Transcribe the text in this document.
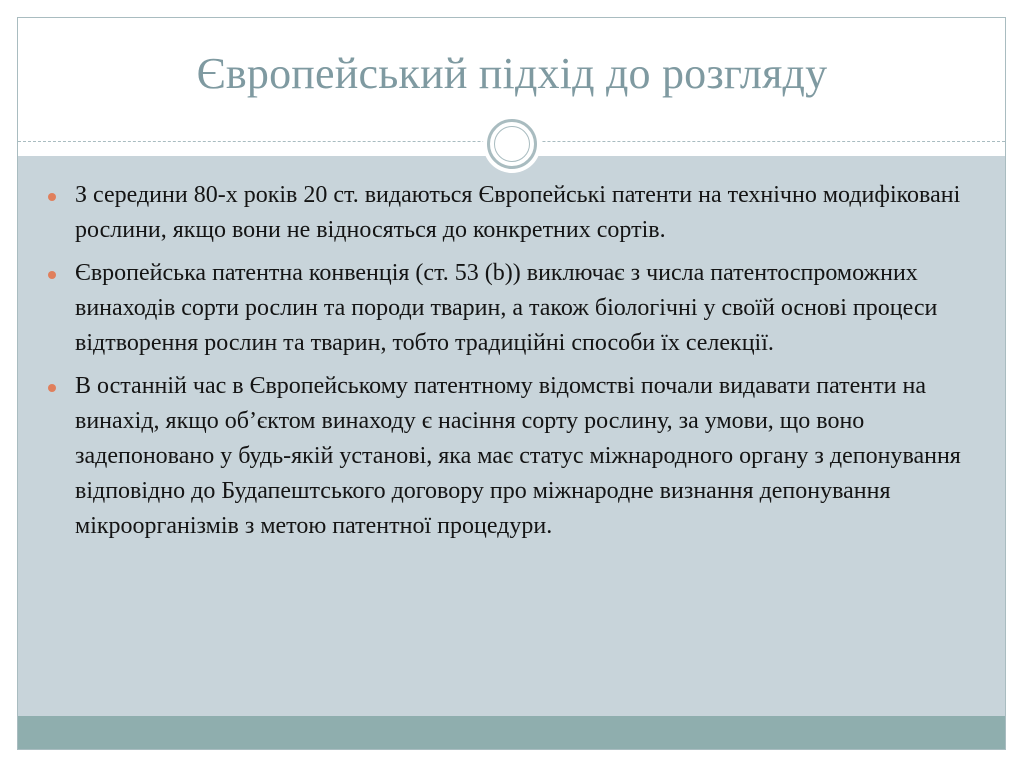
Європейський підхід до розгляду
З середини 80-х років 20 ст. видаються Європейські патенти на технічно модифіковані рослини, якщо вони не відносяться до конкретних сортів.
Європейська патентна конвенція (ст. 53 (b)) виключає з числа патентоспроможних винаходів сорти рослин та породи тварин, а також біологічні у своїй основі процеси відтворення рослин та тварин, тобто традиційні способи їх селекції.
В останній час в Європейському патентному відомстві почали видавати патенти на винахід, якщо об’єктом винаходу є насіння сорту рослину, за умови, що воно задепоновано у будь-якій установі, яка має статус міжнародного органу з депонування відповідно до Будапештського договору про міжнародне визнання депонування мікроорганізмів з метою патентної процедури.
